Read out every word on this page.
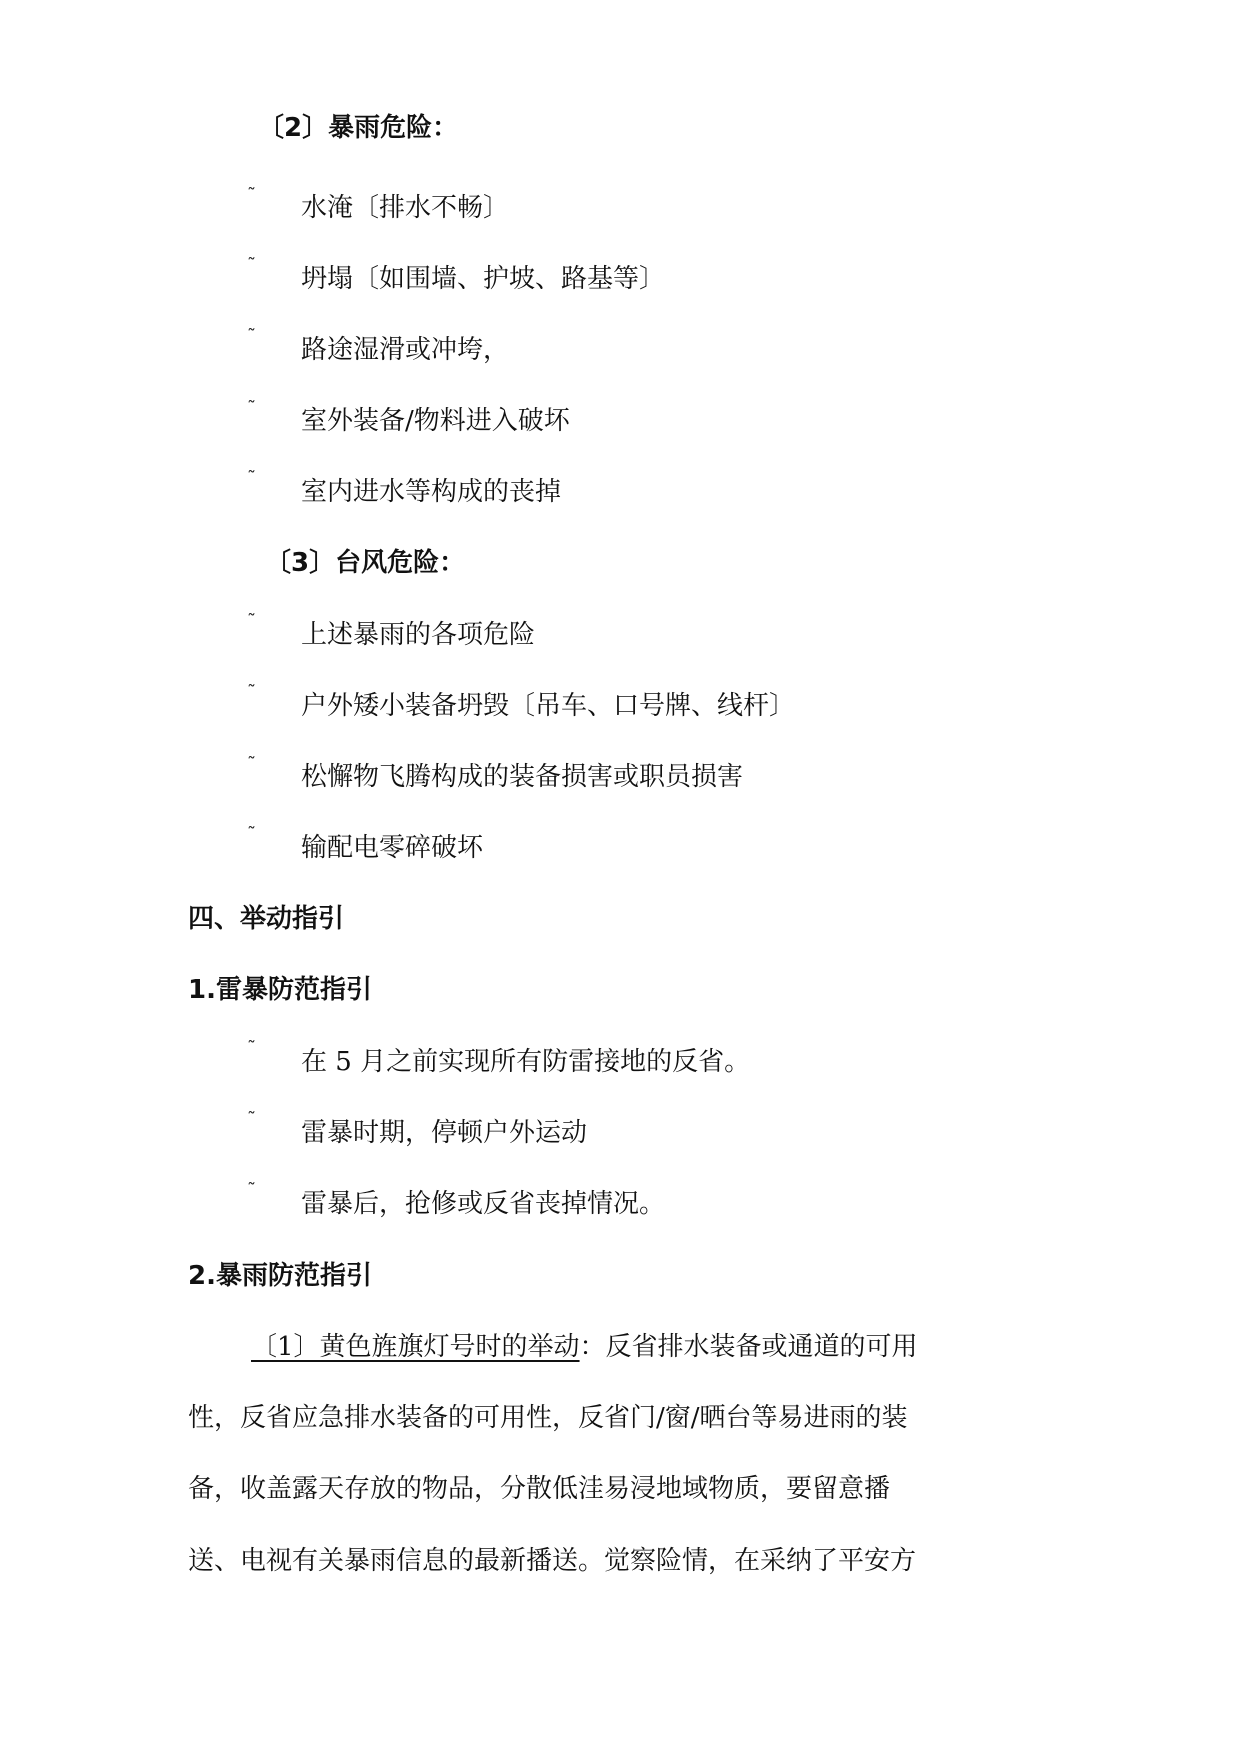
〔2〕暴雨危险：
˜ 水淹〔排水不畅〕
˜ 坍塌〔如围墙、护坡、路基等〕
˜ 路途湿滑或冲垮，
˜ 室外装备/物料进入破坏
˜ 室内进水等构成的丧掉
〔3〕台风危险：
˜ 上述暴雨的各项危险
˜ 户外矮小装备坍毁〔吊车、口号牌、线杆〕
˜ 松懈物飞腾构成的装备损害或职员损害
˜ 输配电零碎破坏
四、举动指引
1.雷暴防范指引
˜ 在 5 月之前实现所有防雷接地的反省。
˜ 雷暴时期，停顿户外运动
˜ 雷暴后，抢修或反省丧掉情况。
2.暴雨防范指引
〔1〕黄色旌旗灯号时的举动：反省排水装备或通道的可用
性，反省应急排水装备的可用性，反省门/窗/晒台等易进雨的装
备，收盖露天存放的物品，分散低洼易浸地域物质，要留意播
送、电视有关暴雨信息的最新播送。觉察险情，在采纳了平安方
